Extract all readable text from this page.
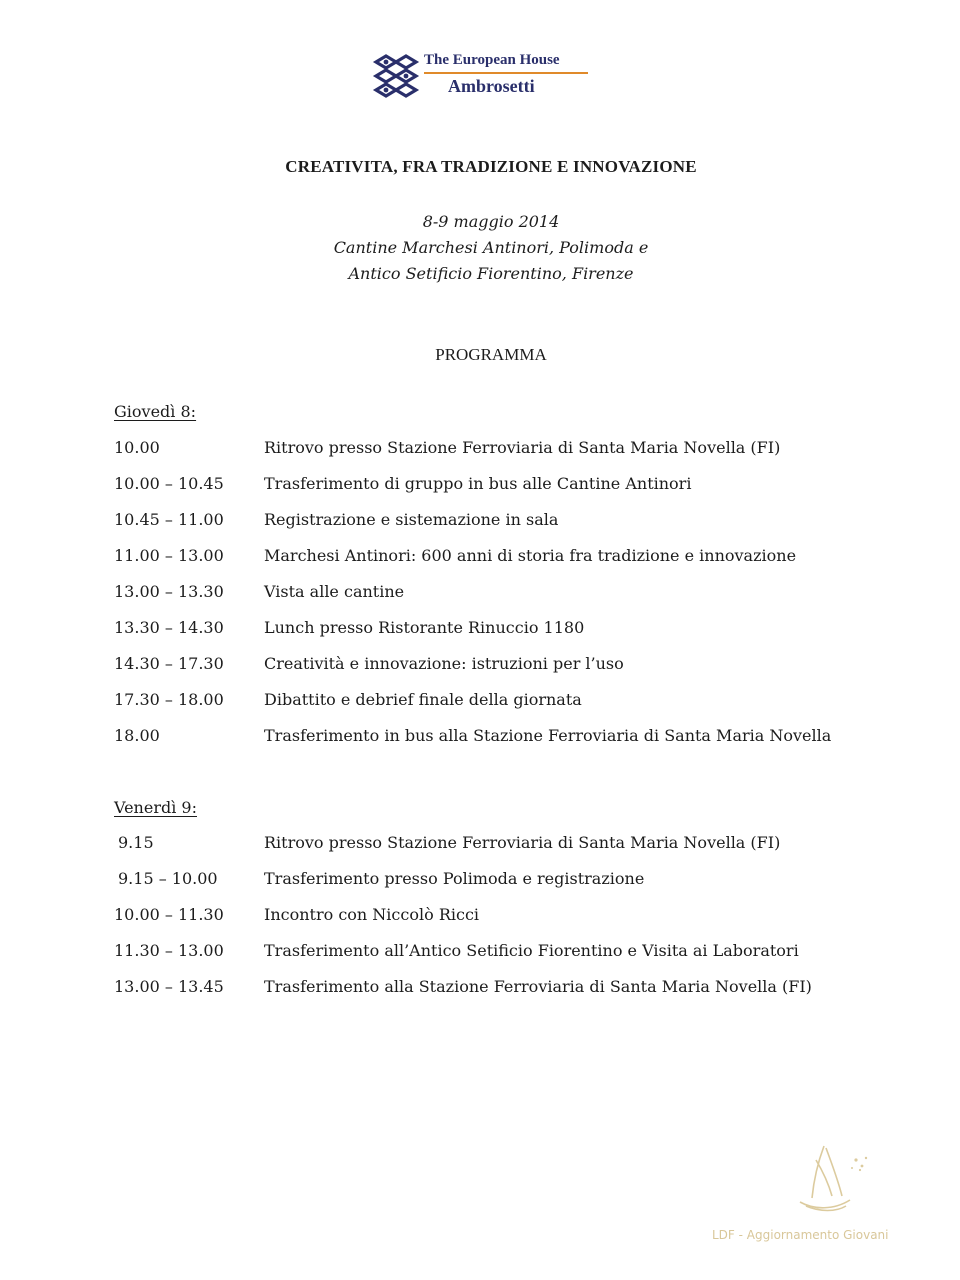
The European House
Ambrosetti
CREATIVITA, FRA TRADIZIONE E INNOVAZIONE
8-9 maggio 2014
Cantine Marchesi Antinori, Polimoda e
Antico Setificio Fiorentino, Firenze
PROGRAMMA
Giovedì 8:
10.00	Ritrovo presso Stazione Ferroviaria di Santa Maria Novella (FI)
10.00 – 10.45	Trasferimento di gruppo in bus alle Cantine Antinori
10.45 – 11.00	Registrazione e sistemazione in sala
11.00 – 13.00	Marchesi Antinori: 600 anni di storia fra tradizione e innovazione
13.00 – 13.30	Vista alle cantine
13.30 – 14.30	Lunch presso Ristorante Rinuccio 1180
14.30 – 17.30	Creatività e innovazione: istruzioni per l’uso
17.30 – 18.00	Dibattito e debrief finale della giornata
18.00	Trasferimento in bus alla Stazione Ferroviaria di Santa Maria Novella
Venerdì 9:
9.15	Ritrovo presso Stazione Ferroviaria di Santa Maria Novella (FI)
9.15 – 10.00	Trasferimento presso Polimoda e registrazione
10.00 – 11.30	Incontro con Niccolò Ricci
11.30 – 13.00	Trasferimento all’Antico Setificio Fiorentino e Visita ai Laboratori
13.00 – 13.45	Trasferimento alla Stazione Ferroviaria di Santa Maria Novella (FI)
LDF - Aggiornamento Giovani
